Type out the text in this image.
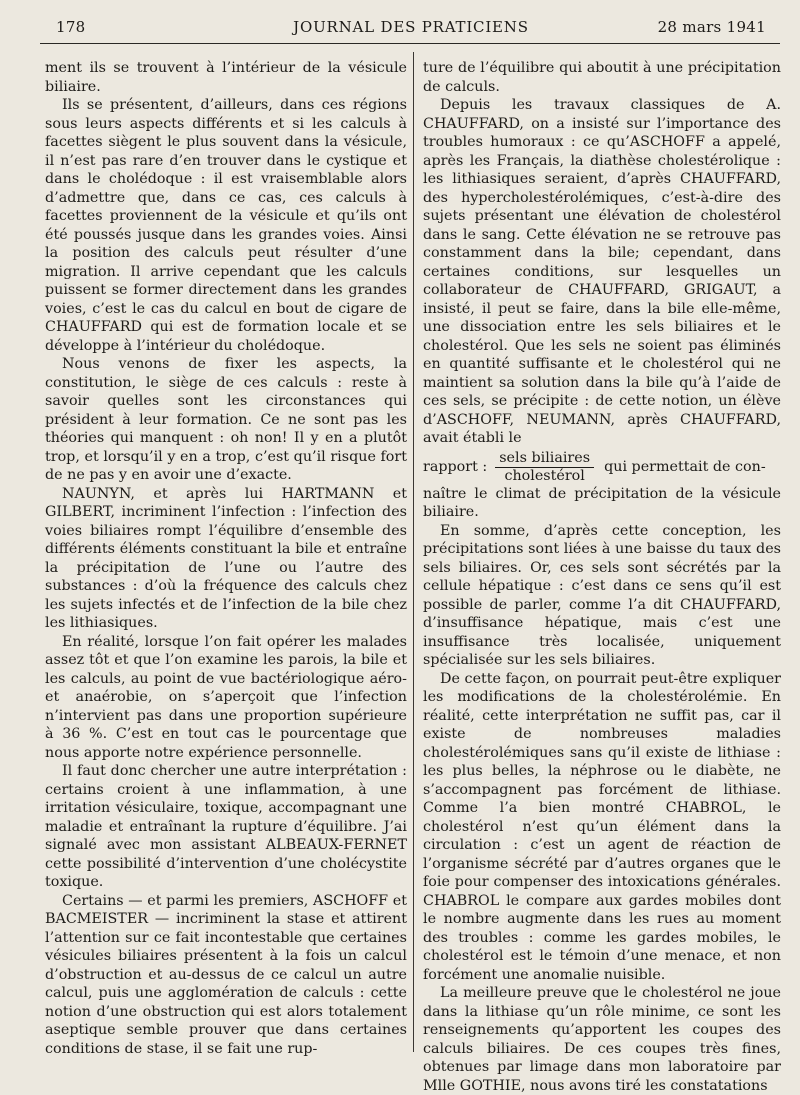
178	JOURNAL DES PRATICIENS	28 mars 1941

ment ils se trouvent à l’intérieur de la vésicule biliaire.

Ils se présentent, d’ailleurs, dans ces régions sous leurs aspects différents et si les calculs à facettes siègent le plus souvent dans la vésicule, il n’est pas rare d’en trouver dans le cystique et dans le cholédoque : il est vraisemblable alors d’admettre que, dans ce cas, ces calculs à facettes proviennent de la vésicule et qu’ils ont été poussés jusque dans les grandes voies. Ainsi la position des calculs peut résulter d’une migration. Il arrive cependant que les calculs puissent se former directement dans les grandes voies, c’est le cas du calcul en bout de cigare de CHAUFFARD qui est de formation locale et se développe à l’intérieur du cholédoque.

Nous venons de fixer les aspects, la constitution, le siège de ces calculs : reste à savoir quelles sont les circonstances qui président à leur formation. Ce ne sont pas les théories qui manquent : oh non! Il y en a plutôt trop, et lorsqu’il y en a trop, c’est qu’il risque fort de ne pas y en avoir une d’exacte.

NAUNYN, et après lui HARTMANN et GILBERT, incriminent l’infection : l’infection des voies biliaires rompt l’équilibre d’ensemble des différents éléments constituant la bile et entraîne la précipitation de l’une ou l’autre des substances : d’où la fréquence des calculs chez les sujets infectés et de l’infection de la bile chez les lithiasiques.

En réalité, lorsque l’on fait opérer les malades assez tôt et que l’on examine les parois, la bile et les calculs, au point de vue bactériologique aéro- et anaérobie, on s’aperçoit que l’infection n’intervient pas dans une proportion supérieure à 36 %. C’est en tout cas le pourcentage que nous apporte notre expérience personnelle.

Il faut donc chercher une autre interprétation : certains croient à une inflammation, à une irritation vésiculaire, toxique, accompagnant une maladie et entraînant la rupture d’équilibre. J’ai signalé avec mon assistant ALBEAUX-FERNET cette possibilité d’intervention d’une cholécystite toxique.

Certains — et parmi les premiers, ASCHOFF et BACMEISTER — incriminent la stase et attirent l’attention sur ce fait incontestable que certaines vésicules biliaires présentent à la fois un calcul d’obstruction et au-dessus de ce calcul un autre calcul, puis une agglomération de calculs : cette notion d’une obstruction qui est alors totalement aseptique semble prouver que dans certaines conditions de stase, il se fait une rup-

ture de l’équilibre qui aboutit à une précipitation de calculs.

Depuis les travaux classiques de A. CHAUFFARD, on a insisté sur l’importance des troubles humoraux : ce qu’ASCHOFF a appelé, après les Français, la diathèse cholestérolique : les lithiasiques seraient, d’après CHAUFFARD, des hypercholestérolémiques, c’est-à-dire des sujets présentant une élévation de cholestérol dans le sang. Cette élévation ne se retrouve pas constamment dans la bile; cependant, dans certaines conditions, sur lesquelles un collaborateur de CHAUFFARD, GRIGAUT, a insisté, il peut se faire, dans la bile elle-même, une dissociation entre les sels biliaires et le cholestérol. Que les sels ne soient pas éliminés en quantité suffisante et le cholestérol qui ne maintient sa solution dans la bile qu’à l’aide de ces sels, se précipite : de cette notion, un élève d’ASCHOFF, NEUMANN, après CHAUFFARD, avait établi le

rapport : $\frac{\text{sels biliaires}}{\text{cholestérol}}$ qui permettait de con-

naître le climat de précipitation de la vésicule biliaire.

En somme, d’après cette conception, les précipitations sont liées à une baisse du taux des sels biliaires. Or, ces sels sont sécrétés par la cellule hépatique : c’est dans ce sens qu’il est possible de parler, comme l’a dit CHAUFFARD, d’insuffisance hépatique, mais c’est une insuffisance très localisée, uniquement spécialisée sur les sels biliaires.

De cette façon, on pourrait peut-être expliquer les modifications de la cholestérolémie. En réalité, cette interprétation ne suffit pas, car il existe de nombreuses maladies cholestérolémiques sans qu’il existe de lithiase : les plus belles, la néphrose ou le diabète, ne s’accompagnent pas forcément de lithiase. Comme l’a bien montré CHABROL, le cholestérol n’est qu’un élément dans la circulation : c’est un agent de réaction de l’organisme sécrété par d’autres organes que le foie pour compenser des intoxications générales. CHABROL le compare aux gardes mobiles dont le nombre augmente dans les rues au moment des troubles : comme les gardes mobiles, le cholestérol est le témoin d’une menace, et non forcément une anomalie nuisible.

La meilleure preuve que le cholestérol ne joue dans la lithiase qu’un rôle minime, ce sont les renseignements qu’apportent les coupes des calculs biliaires. De ces coupes très fines, obtenues par limage dans mon laboratoire par Mlle GOTHIE, nous avons tiré les constatations
